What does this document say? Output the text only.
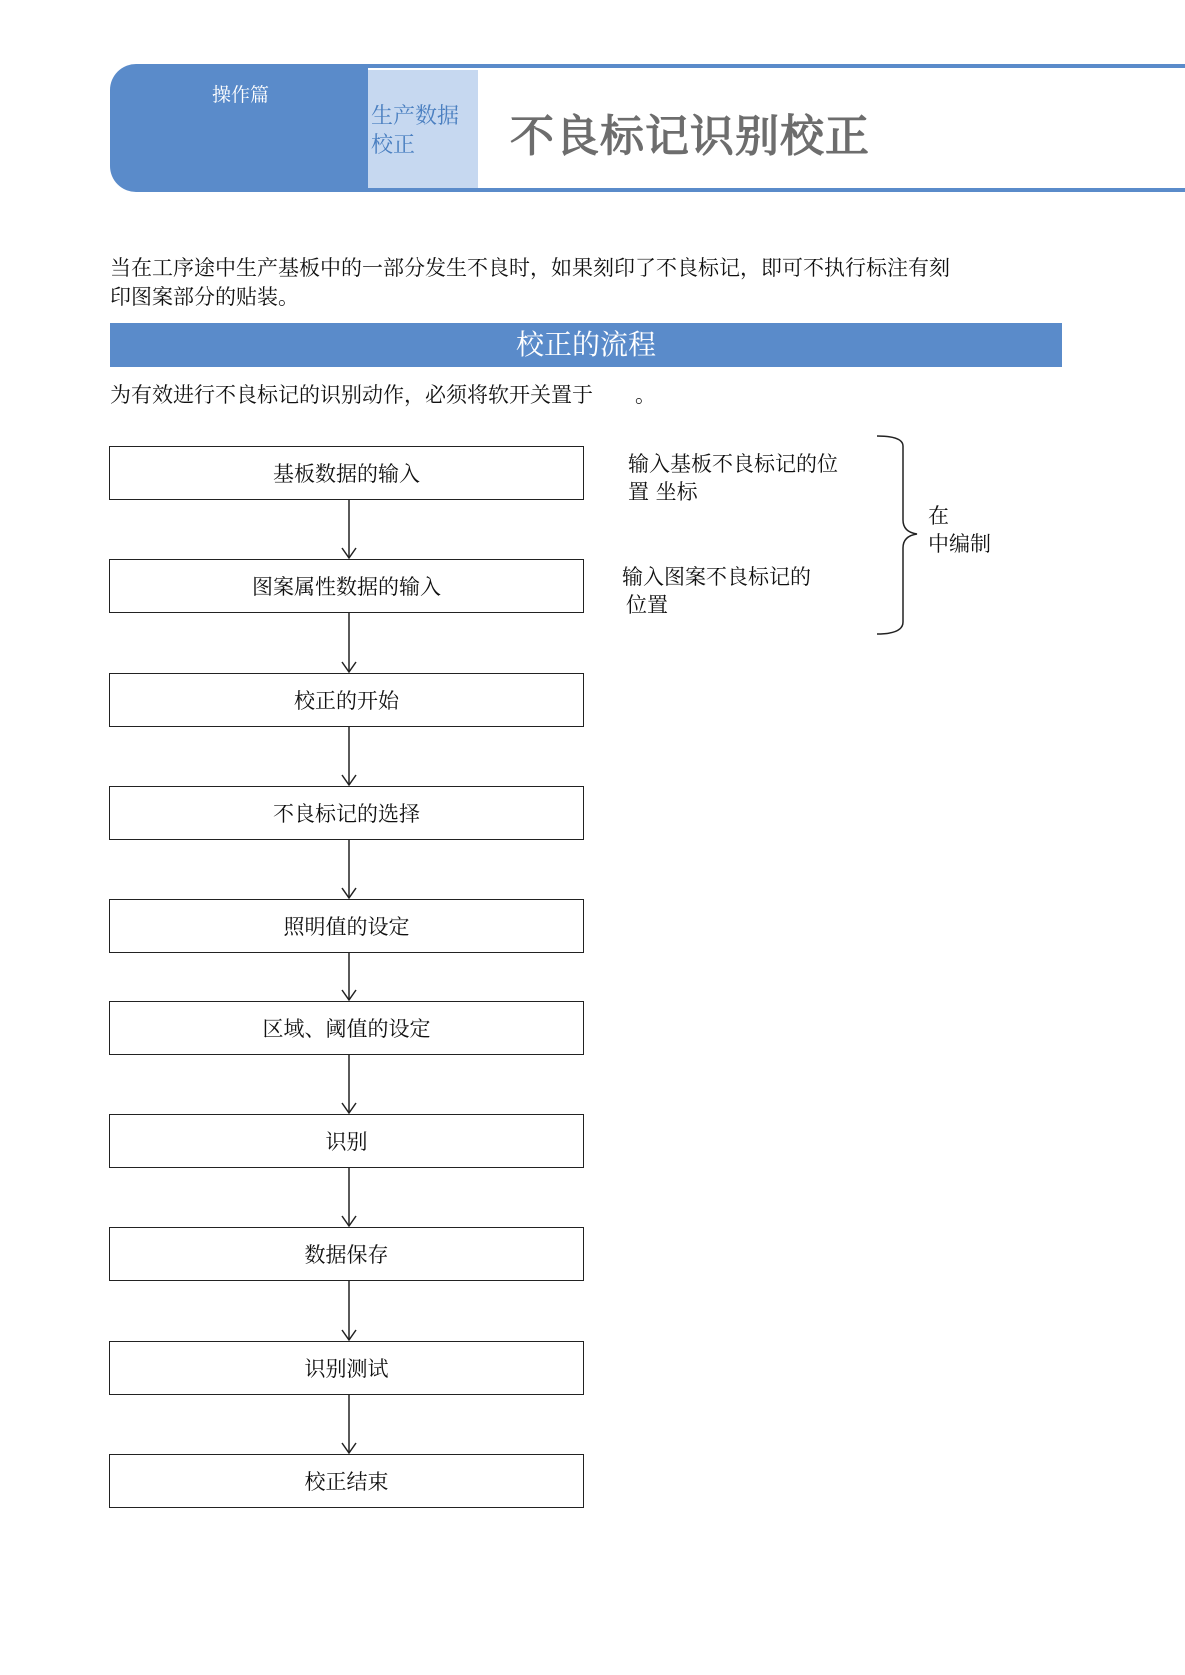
操作篇
生产数据
校正	不良标记识别校正
当在工序途中生产基板中的一部分发生不良时，如果刻印了不良标记，即可不执行标注有刻
印图案部分的贴装。
校正的流程
为有效进行不良标记的识别动作，必须将软开关置于　　。
基板数据的输入
图案属性数据的输入
校正的开始
不良标记的选择
照明值的设定
区域、阈值的设定
识别
数据保存
识别测试
校正结束
输入基板不良标记的位
置 坐标
输入图案不良标记的
位置
在
中编制
